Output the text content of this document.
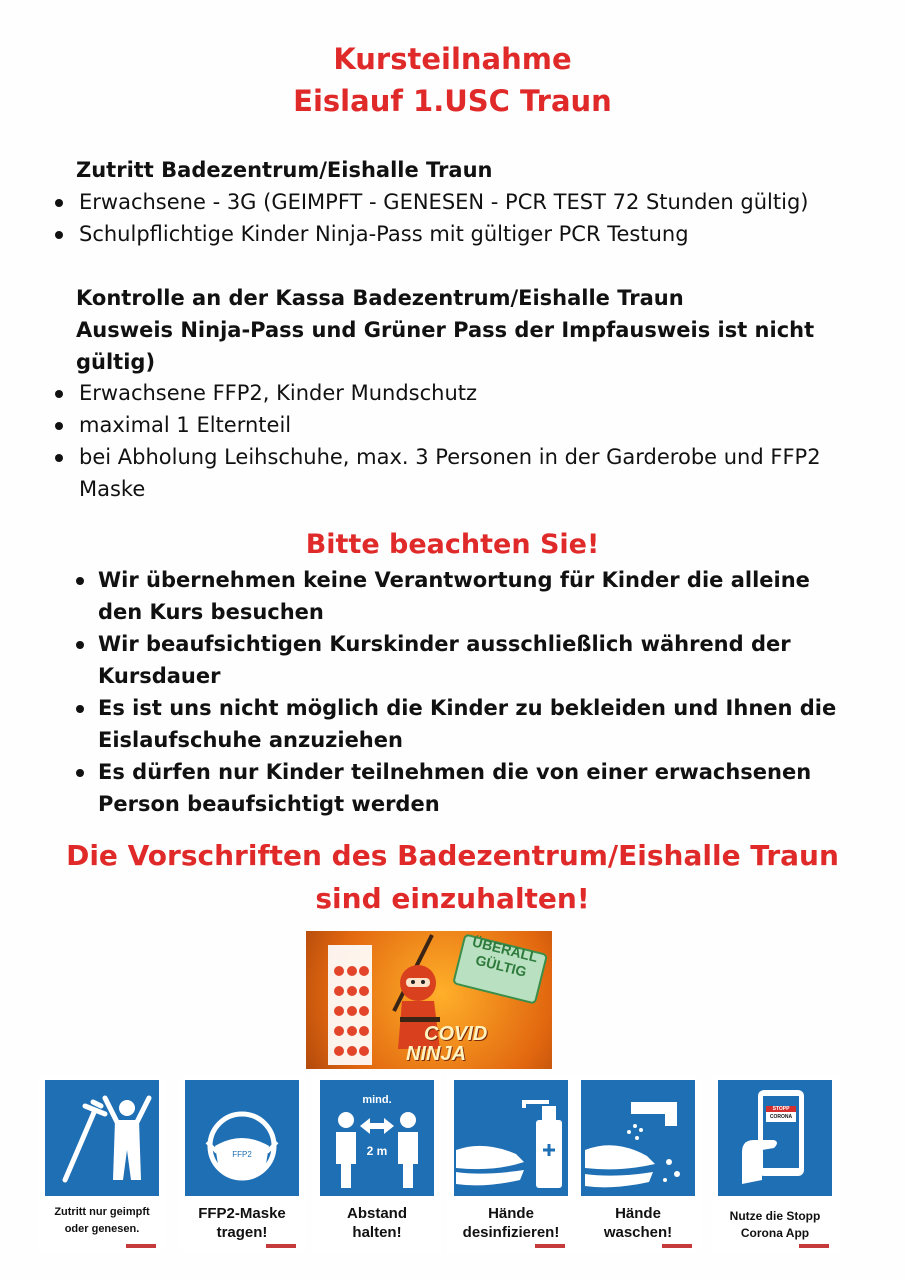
Kursteilnahme
Eislauf 1.USC Traun
Zutritt Badezentrum/Eishalle Traun
Erwachsene - 3G (GEIMPFT - GENESEN - PCR TEST 72 Stunden gültig)
Schulpflichtige Kinder Ninja-Pass mit gültiger PCR Testung
Kontrolle an der Kassa Badezentrum/Eishalle Traun
Ausweis Ninja-Pass und Grüner Pass der Impfausweis ist nicht gültig)
Erwachsene FFP2, Kinder Mundschutz
maximal 1 Elternteil
bei Abholung Leihschuhe, max. 3 Personen in der Garderobe und FFP2 Maske
Bitte beachten Sie!
Wir übernehmen keine Verantwortung für Kinder die alleine den Kurs besuchen
Wir beaufsichtigen Kurskinder ausschließlich während der Kursdauer
Es ist uns nicht möglich die Kinder zu bekleiden und Ihnen die Eislaufschuhe anzuziehen
Es dürfen nur Kinder teilnehmen die von einer erwachsenen Person beaufsichtigt werden
Die Vorschriften des Badezentrum/Eishalle Traun
sind einzuhalten!
ÜBERALL GÜLTIG
COVID
NINJA
Zutritt nur geimpft
oder genesen.
FFP2
FFP2-Maske
tragen!
mind.
2 m
Abstand
halten!
Hände
desinfizieren!
Hände
waschen!
STOPP
CORONA
Nutze die Stopp
Corona App
